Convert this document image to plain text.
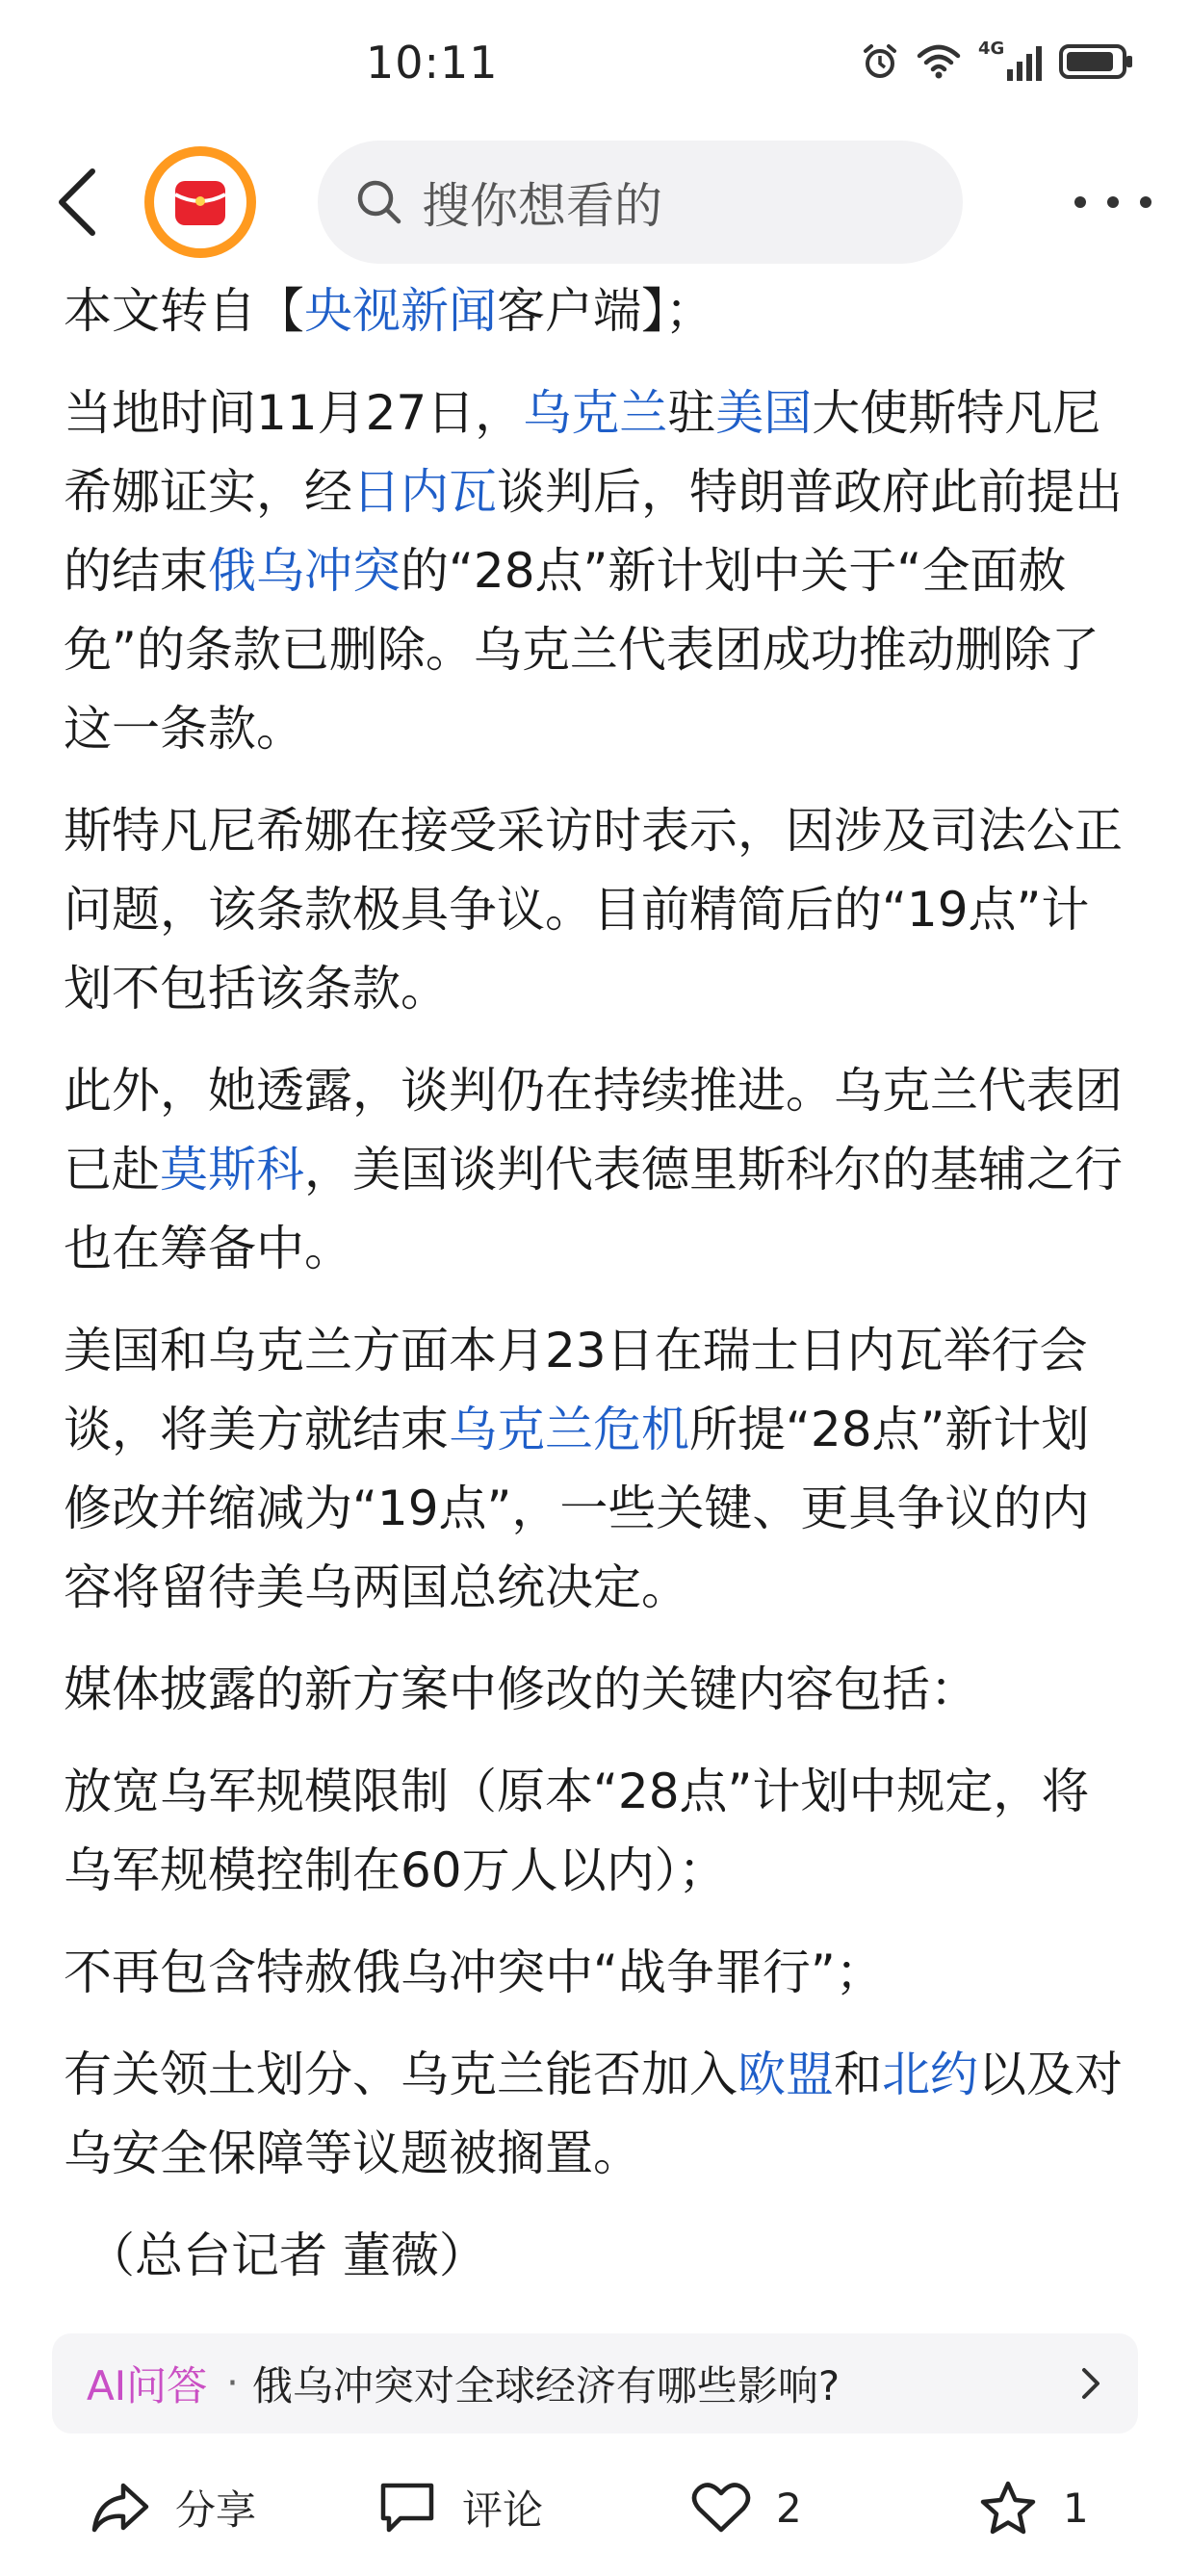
10:11	4G
搜你想看的

本文转自【央视新闻客户端】；

当地时间11月27日，乌克兰驻美国大使斯特凡尼希娜证实，经日内瓦谈判后，特朗普政府此前提出的结束俄乌冲突的“28点”新计划中关于“全面赦免”的条款已删除。乌克兰代表团成功推动删除了这一条款。

斯特凡尼希娜在接受采访时表示，因涉及司法公正问题，该条款极具争议。目前精简后的“19点”计划不包括该条款。

此外，她透露，谈判仍在持续推进。乌克兰代表团已赴莫斯科，美国谈判代表德里斯科尔的基辅之行也在筹备中。

美国和乌克兰方面本月23日在瑞士日内瓦举行会谈，将美方就结束乌克兰危机所提“28点”新计划修改并缩减为“19点”，一些关键、更具争议的内容将留待美乌两国总统决定。

媒体披露的新方案中修改的关键内容包括：

放宽乌军规模限制（原本“28点”计划中规定，将乌军规模控制在60万人以内）；

不再包含特赦俄乌冲突中“战争罪行”；

有关领土划分、乌克兰能否加入欧盟和北约以及对乌安全保障等议题被搁置。

（总台记者 董薇）

AI问答 · 俄乌冲突对全球经济有哪些影响?
分享	评论	2	1
